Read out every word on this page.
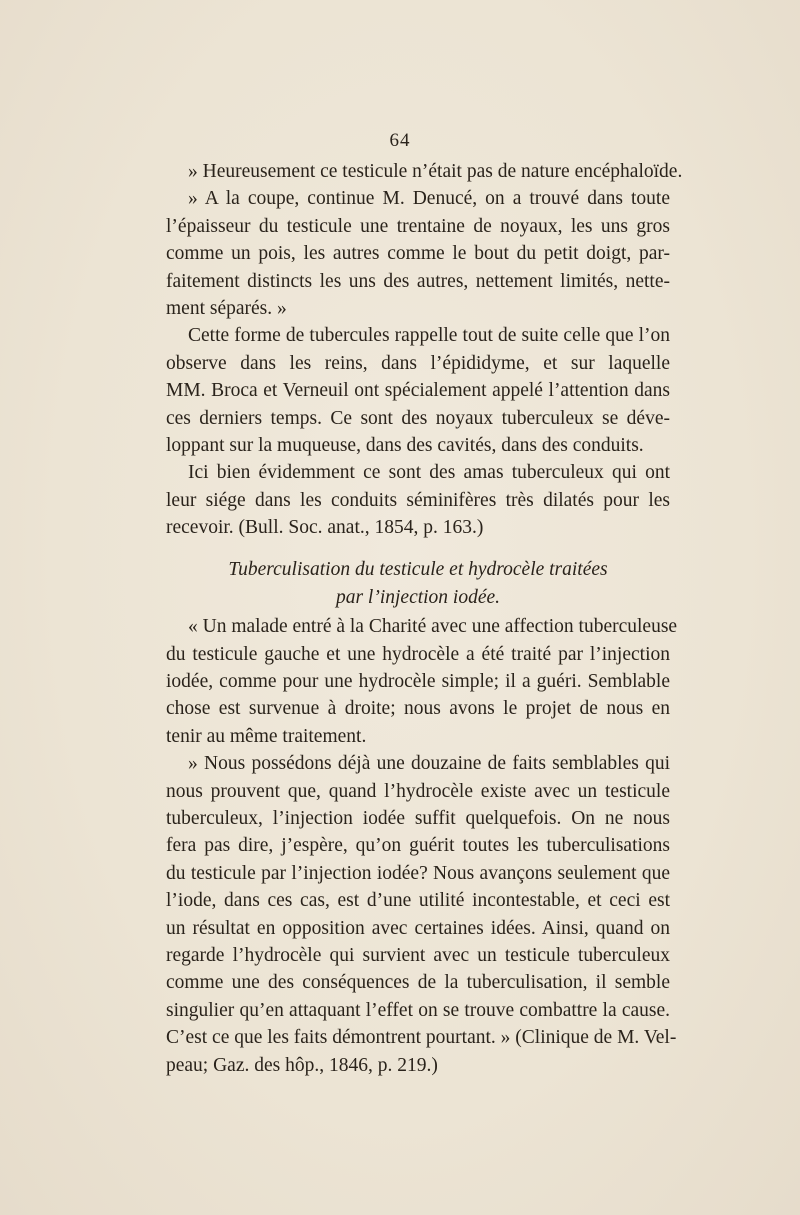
64
» Heureusement ce testicule n’était pas de nature encéphaloïde.
» A la coupe, continue M. Denucé, on a trouvé dans toute
l’épaisseur du testicule une trentaine de noyaux, les uns gros
comme un pois, les autres comme le bout du petit doigt, par-
faitement distincts les uns des autres, nettement limités, nette-
ment séparés. »
Cette forme de tubercules rappelle tout de suite celle que l’on
observe dans les reins, dans l’épididyme, et sur laquelle
MM. Broca et Verneuil ont spécialement appelé l’attention dans
ces derniers temps. Ce sont des noyaux tuberculeux se déve-
loppant sur la muqueuse, dans des cavités, dans des conduits.
Ici bien évidemment ce sont des amas tuberculeux qui ont
leur siége dans les conduits séminifères très dilatés pour les
recevoir. (Bull. Soc. anat., 1854, p. 163.)
Tuberculisation du testicule et hydrocèle traitées
par l’injection iodée.
« Un malade entré à la Charité avec une affection tuberculeuse
du testicule gauche et une hydrocèle a été traité par l’injection
iodée, comme pour une hydrocèle simple; il a guéri. Semblable
chose est survenue à droite; nous avons le projet de nous en
tenir au même traitement.
» Nous possédons déjà une douzaine de faits semblables qui
nous prouvent que, quand l’hydrocèle existe avec un testicule
tuberculeux, l’injection iodée suffit quelquefois. On ne nous
fera pas dire, j’espère, qu’on guérit toutes les tuberculisations
du testicule par l’injection iodée? Nous avançons seulement que
l’iode, dans ces cas, est d’une utilité incontestable, et ceci est
un résultat en opposition avec certaines idées. Ainsi, quand on
regarde l’hydrocèle qui survient avec un testicule tuberculeux
comme une des conséquences de la tuberculisation, il semble
singulier qu’en attaquant l’effet on se trouve combattre la cause.
C’est ce que les faits démontrent pourtant. » (Clinique de M. Vel-
peau; Gaz. des hôp., 1846, p. 219.)
